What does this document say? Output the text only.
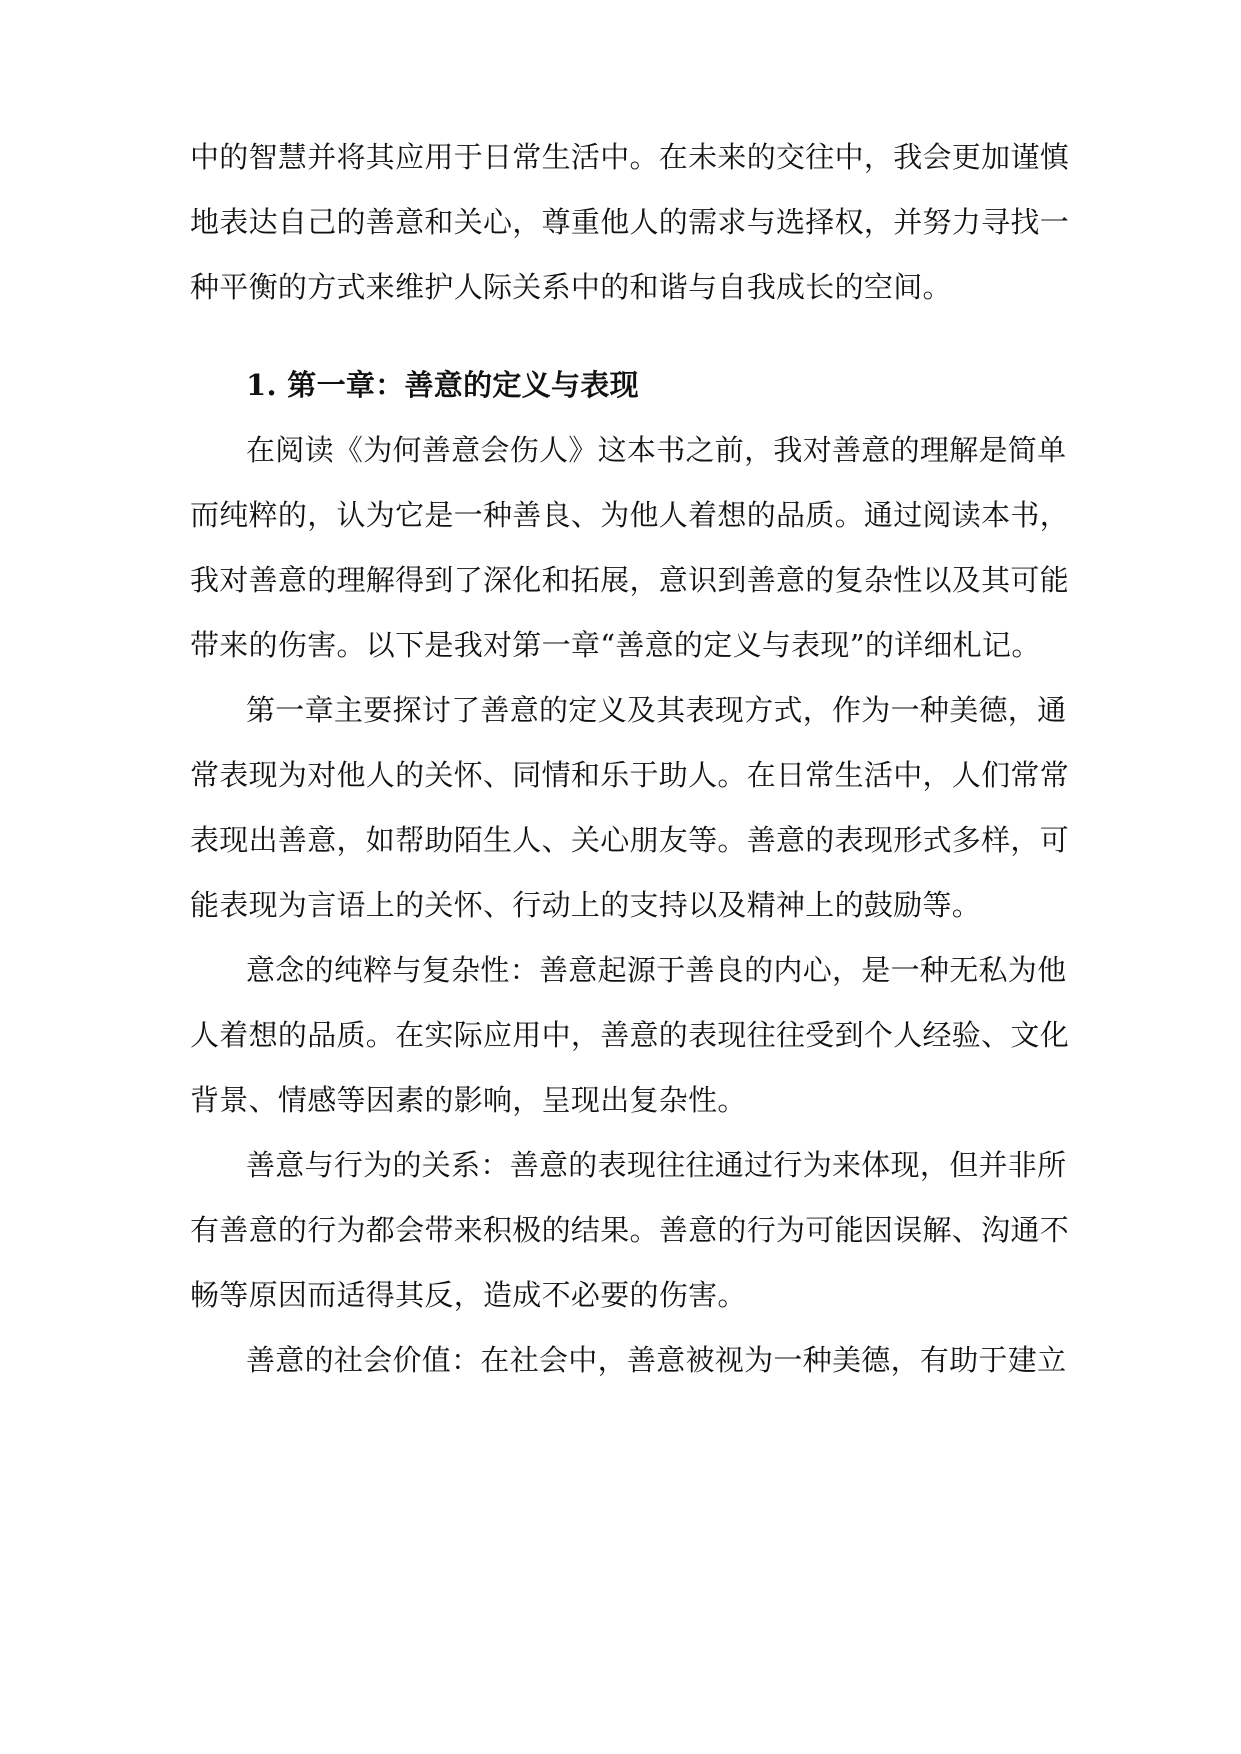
中的智慧并将其应用于日常生活中。在未来的交往中，我会更加谨慎
地表达自己的善意和关心，尊重他人的需求与选择权，并努力寻找一
种平衡的方式来维护人际关系中的和谐与自我成长的空间。
1. 第一章：善意的定义与表现
在阅读《为何善意会伤人》这本书之前，我对善意的理解是简单
而纯粹的，认为它是一种善良、为他人着想的品质。通过阅读本书，
我对善意的理解得到了深化和拓展，意识到善意的复杂性以及其可能
带来的伤害。以下是我对第一章“善意的定义与表现”的详细札记。
第一章主要探讨了善意的定义及其表现方式，作为一种美德，通
常表现为对他人的关怀、同情和乐于助人。在日常生活中，人们常常
表现出善意，如帮助陌生人、关心朋友等。善意的表现形式多样，可
能表现为言语上的关怀、行动上的支持以及精神上的鼓励等。
意念的纯粹与复杂性：善意起源于善良的内心，是一种无私为他
人着想的品质。在实际应用中，善意的表现往往受到个人经验、文化
背景、情感等因素的影响，呈现出复杂性。
善意与行为的关系：善意的表现往往通过行为来体现，但并非所
有善意的行为都会带来积极的结果。善意的行为可能因误解、沟通不
畅等原因而适得其反，造成不必要的伤害。
善意的社会价值：在社会中，善意被视为一种美德，有助于建立
